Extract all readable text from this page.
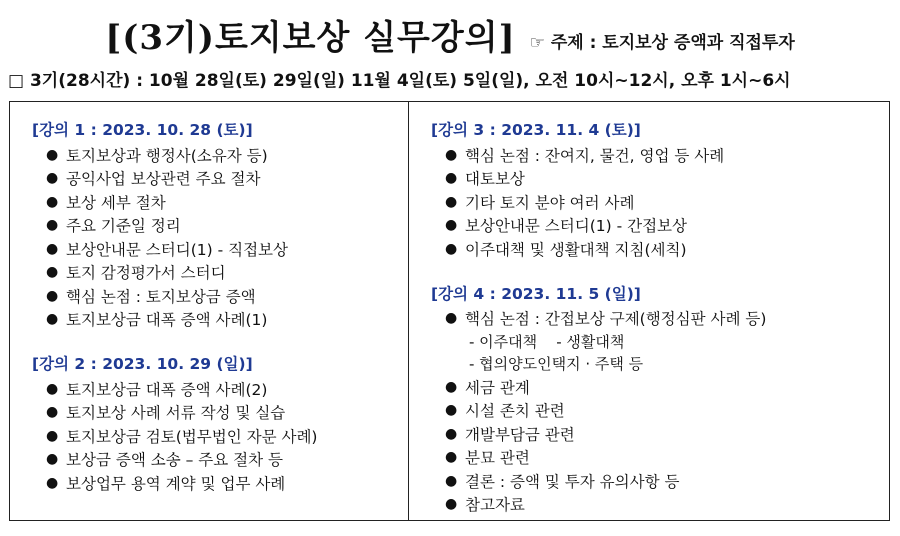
[(3기)토지보상 실무강의] ☞ 주제 : 토지보상 증액과 직접투자
□ 3기(28시간) : 10월 28일(토) 29일(일) 11월 4일(토) 5일(일), 오전 10시~12시, 오후 1시~6시
[강의 1 : 2023. 10. 28 (토)]
● 토지보상과 행정사(소유자 등)
● 공익사업 보상관련 주요 절차
● 보상 세부 절차
● 주요 기준일 정리
● 보상안내문 스터디(1) - 직접보상
● 토지 감정평가서 스터디
● 핵심 논점 : 토지보상금 증액
● 토지보상금 대폭 증액 사례(1)
[강의 2 : 2023. 10. 29 (일)]
● 토지보상금 대폭 증액 사례(2)
● 토지보상 사례 서류 작성 및 실습
● 토지보상금 검토(법무법인 자문 사례)
● 보상금 증액 소송 – 주요 절차 등
● 보상업무 용역 계약 및 업무 사례
[강의 3 : 2023. 11. 4 (토)]
● 핵심 논점 : 잔여지, 물건, 영업 등 사례
● 대토보상
● 기타 토지 분야 여러 사례
● 보상안내문 스터디(1) - 간접보상
● 이주대책 및 생활대책 지침(세칙)
[강의 4 : 2023. 11. 5 (일)]
● 핵심 논점 : 간접보상 구제(행정심판 사례 등)
- 이주대책    - 생활대책
- 협의양도인택지 · 주택 등
● 세금 관계
● 시설 존치 관련
● 개발부담금 관련
● 분묘 관련
● 결론 : 증액 및 투자 유의사항 등
● 참고자료
